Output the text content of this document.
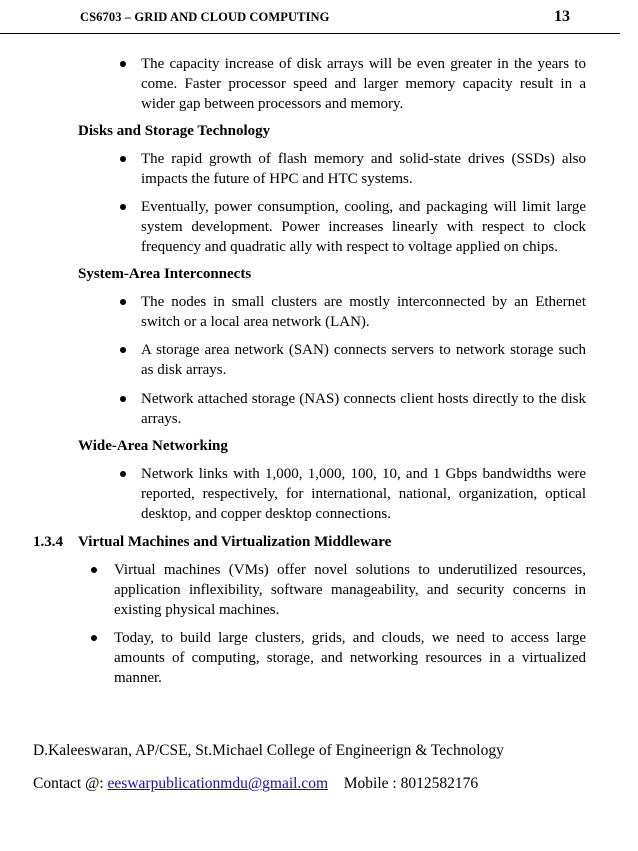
CS6703 – GRID AND CLOUD COMPUTING	13

The capacity increase of disk arrays will be even greater in the years to come. Faster processor speed and larger memory capacity result in a wider gap between processors and memory.

Disks and Storage Technology

The rapid growth of flash memory and solid-state drives (SSDs) also impacts the future of HPC and HTC systems.

Eventually, power consumption, cooling, and packaging will limit large system development. Power increases linearly with respect to clock frequency and quadratic ally with respect to voltage applied on chips.

System-Area Interconnects

The nodes in small clusters are mostly interconnected by an Ethernet switch or a local area network (LAN).

A storage area network (SAN) connects servers to network storage such as disk arrays.

Network attached storage (NAS) connects client hosts directly to the disk arrays.

Wide-Area Networking

Network links with 1,000, 1,000, 100, 10, and 1 Gbps bandwidths were reported, respectively, for international, national, organization, optical desktop, and copper desktop connections.

1.3.4 Virtual Machines and Virtualization Middleware

Virtual machines (VMs) offer novel solutions to underutilized resources, application inflexibility, software manageability, and security concerns in existing physical machines.

Today, to build large clusters, grids, and clouds, we need to access large amounts of computing, storage, and networking resources in a virtualized manner.

D.Kaleeswaran, AP/CSE, St.Michael College of Engineerign & Technology
Contact @: eeswarpublicationmdu@gmail.com Mobile : 8012582176
